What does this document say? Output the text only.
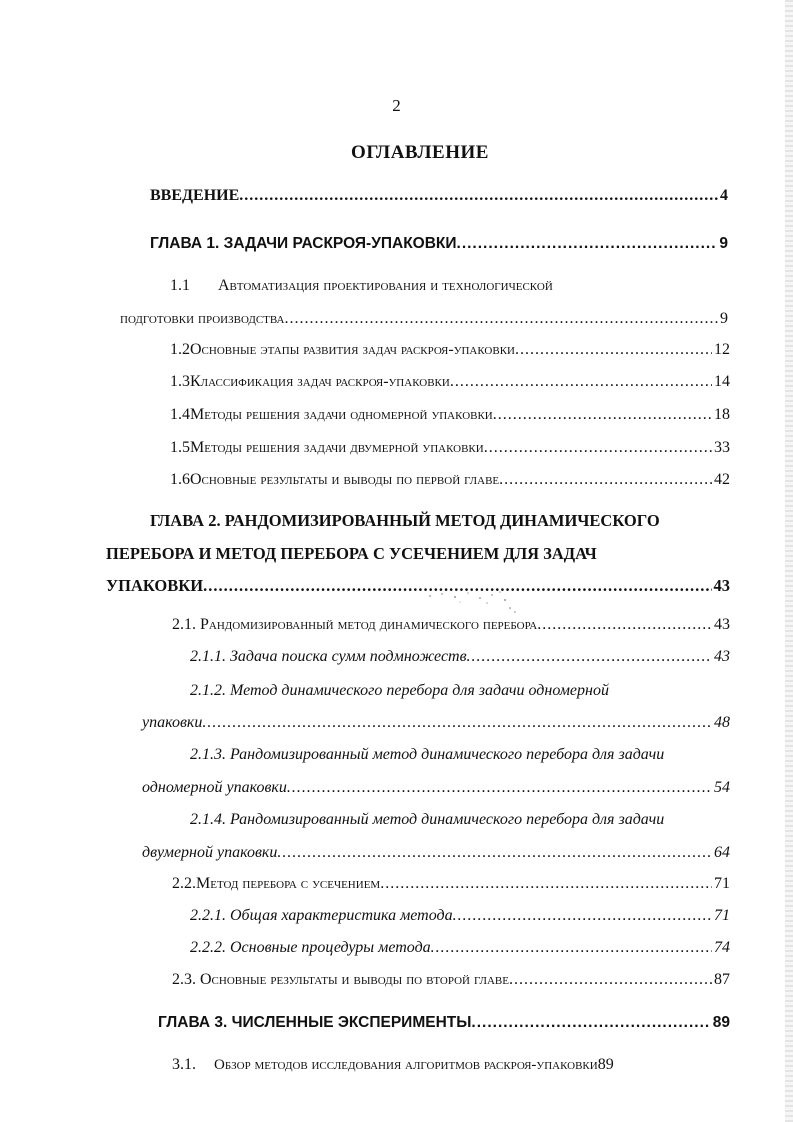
2
ОГЛАВЛЕНИЕ
ВВЕДЕНИЕ .....	4
ГЛАВА 1. ЗАДАЧИ РАСКРОЯ-УПАКОВКИ .....	9
1.1 Автоматизация проектирования и технологической
подготовки производства .....	9
1.2 Основные этапы развития задач раскроя-упаковки .....	12
1.3 Классификация задач раскроя-упаковки .....	14
1.4 Методы решения задачи одномерной упаковки .....	18
1.5 Методы решения задачи двумерной упаковки .....	33
1.6 Основные результаты и выводы по первой главе .....	42
ГЛАВА 2. РАНДОМИЗИРОВАННЫЙ МЕТОД ДИНАМИЧЕСКОГО
ПЕРЕБОРА И МЕТОД ПЕРЕБОРА С УСЕЧЕНИЕМ ДЛЯ ЗАДАЧ
УПАКОВКИ .....	43
2.1. Рандомизированный метод динамического перебора .....	43
2.1.1. Задача поиска сумм подмножеств .....	43
2.1.2. Метод динамического перебора для задачи одномерной
упаковки .....	48
2.1.3. Рандомизированный метод динамического перебора для задачи
одномерной упаковки .....	54
2.1.4. Рандомизированный метод динамического перебора для задачи
двумерной упаковки .....	64
2.2. Метод перебора с усечением .....	71
2.2.1. Общая характеристика метода .....	71
2.2.2. Основные процедуры метода .....	74
2.3. Основные результаты и выводы по второй главе .....	87
ГЛАВА 3. ЧИСЛЕННЫЕ ЭКСПЕРИМЕНТЫ .....	89
3.1.	Обзор методов исследования алгоритмов раскроя-упаковки 89
